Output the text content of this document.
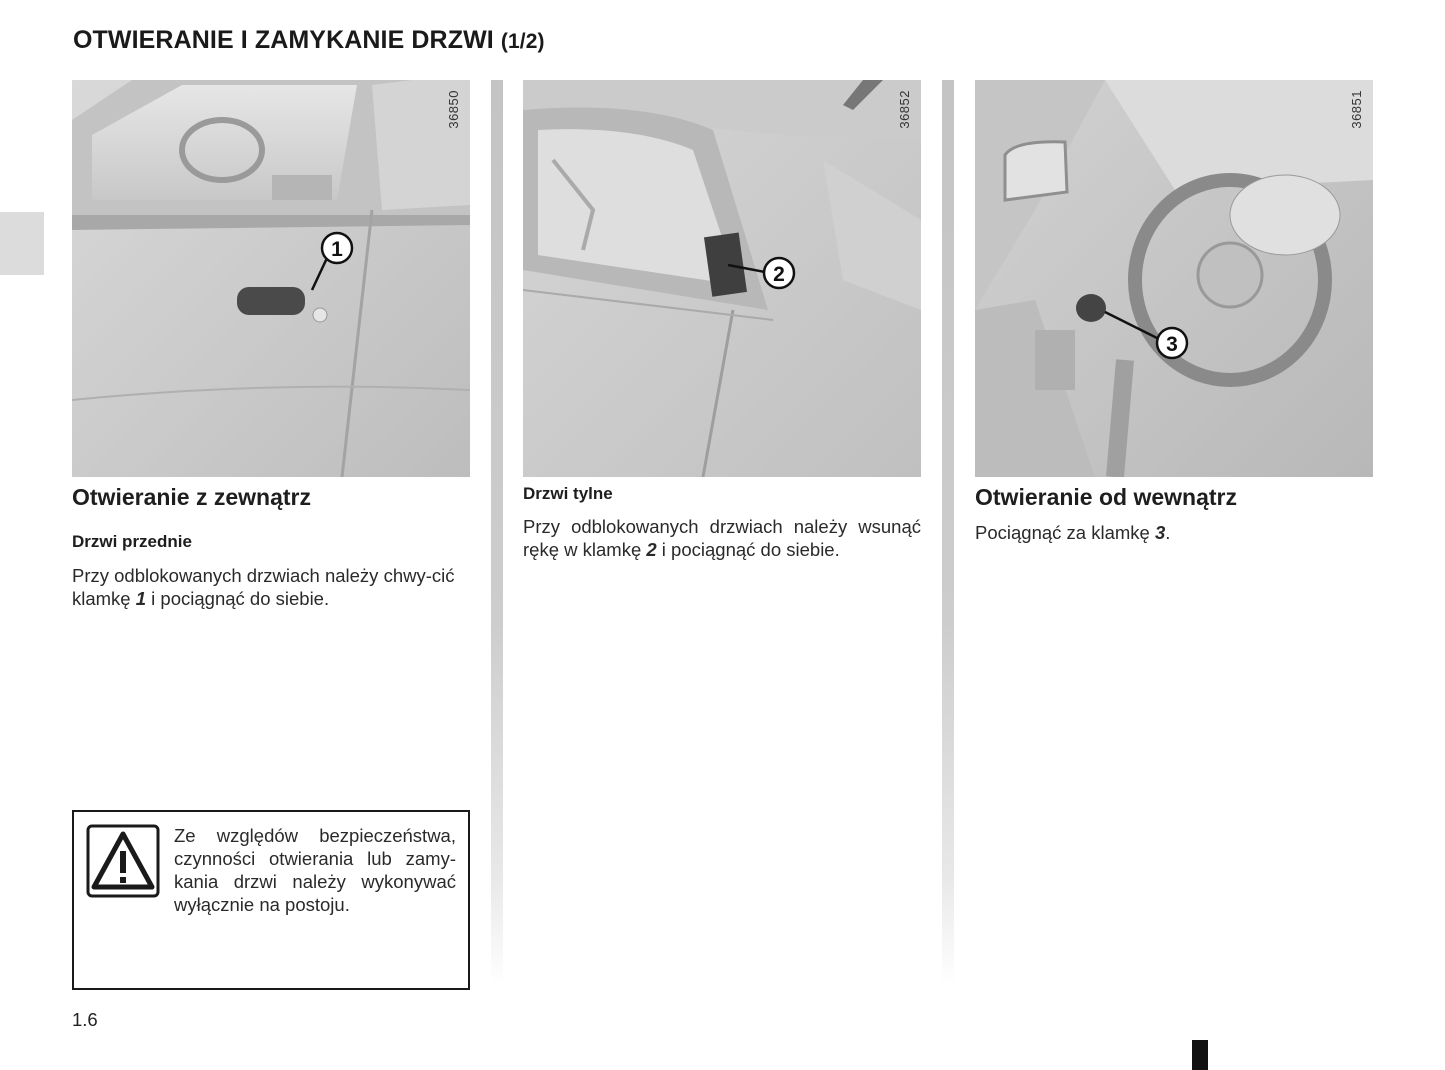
OTWIERANIE I ZAMYKANIE DRZWI (1/2)
1
36850
2
36852
3
36851
Otwieranie z zewnątrz
Drzwi przednie

Przy odblokowanych drzwiach należy chwy-cić klamkę 1 i pociągnąć do siebie.

Drzwi tylne

Przy odblokowanych drzwiach należy wsunąć rękę w klamkę 2 i pociągnąć do siebie.

Otwieranie od wewnątrz

Pociągnąć za klamkę 3.

Ze względów bezpieczeństwa, czynności otwierania lub zamy-kania drzwi należy wykonywać wyłącznie na postoju.
1.6
